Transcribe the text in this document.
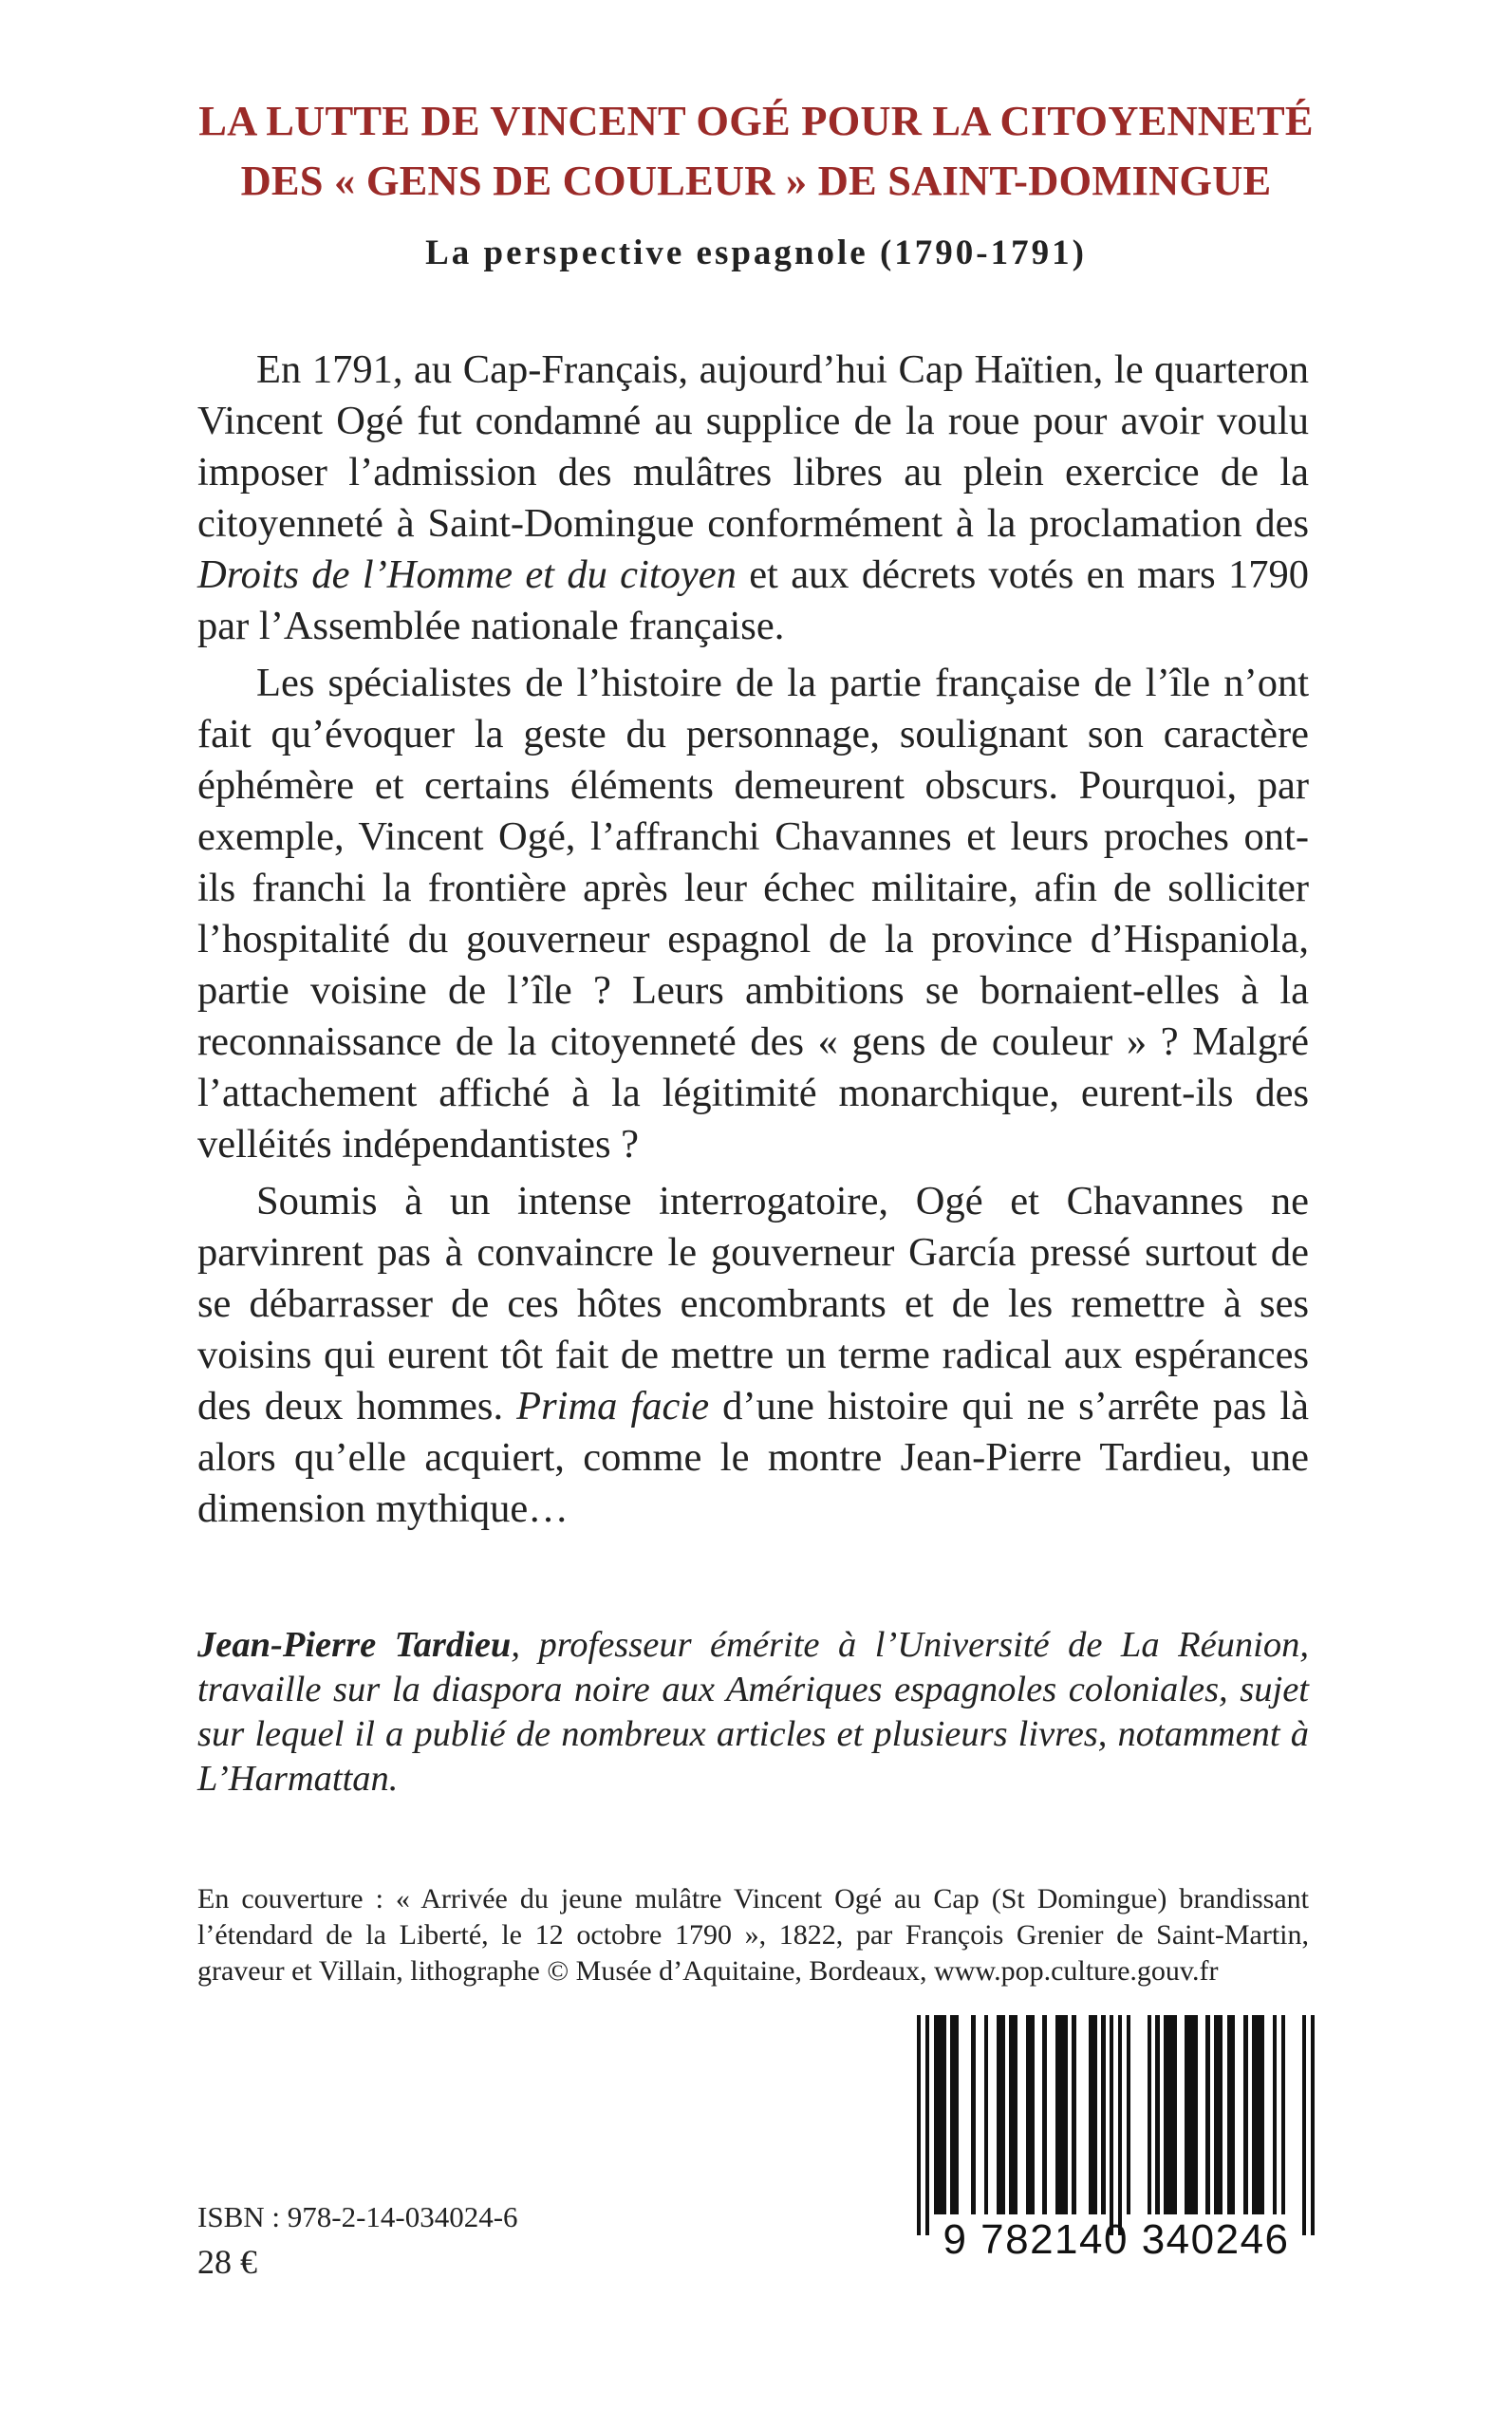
LA LUTTE DE VINCENT OGÉ POUR LA CITOYENNETÉ
DES « GENS DE COULEUR » DE SAINT-DOMINGUE
La perspective espagnole (1790-1791)

En 1791, au Cap-Français, aujourd’hui Cap Haïtien, le quarteron Vincent Ogé fut condamné au supplice de la roue pour avoir voulu imposer l’admission des mulâtres libres au plein exercice de la citoyenneté à Saint-Domingue conformément à la proclamation des Droits de l’Homme et du citoyen et aux décrets votés en mars 1790 par l’Assemblée nationale française.

Les spécialistes de l’histoire de la partie française de l’île n’ont fait qu’évoquer la geste du personnage, soulignant son caractère éphémère et certains éléments demeurent obscurs. Pourquoi, par exemple, Vincent Ogé, l’affranchi Chavannes et leurs proches ont-ils franchi la frontière après leur échec militaire, afin de solliciter l’hospitalité du gouverneur espagnol de la province d’Hispaniola, partie voisine de l’île ? Leurs ambitions se bornaient-elles à la reconnaissance de la citoyenneté des « gens de couleur » ? Malgré l’attachement affiché à la légitimité monarchique, eurent-ils des velléités indépendantistes ?

Soumis à un intense interrogatoire, Ogé et Chavannes ne parvinrent pas à convaincre le gouverneur García pressé surtout de se débarrasser de ces hôtes encombrants et de les remettre à ses voisins qui eurent tôt fait de mettre un terme radical aux espérances des deux hommes. Prima facie d’une histoire qui ne s’arrête pas là alors qu’elle acquiert, comme le montre Jean-Pierre Tardieu, une dimension mythique…

Jean-Pierre Tardieu, professeur émérite à l’Université de La Réunion, travaille sur la diaspora noire aux Amériques espagnoles coloniales, sujet sur lequel il a publié de nombreux articles et plusieurs livres, notamment à L’Harmattan.
En couverture : « Arrivée du jeune mulâtre Vincent Ogé au Cap (St Domingue) brandissant l’étendard de la Liberté, le 12 octobre 1790 », 1822, par François Grenier de Saint-Martin, graveur et Villain, lithographe © Musée d’Aquitaine, Bordeaux, www.pop.culture.gouv.fr
ISBN : 978-2-14-034024-6
28 €	9 782140 340246
